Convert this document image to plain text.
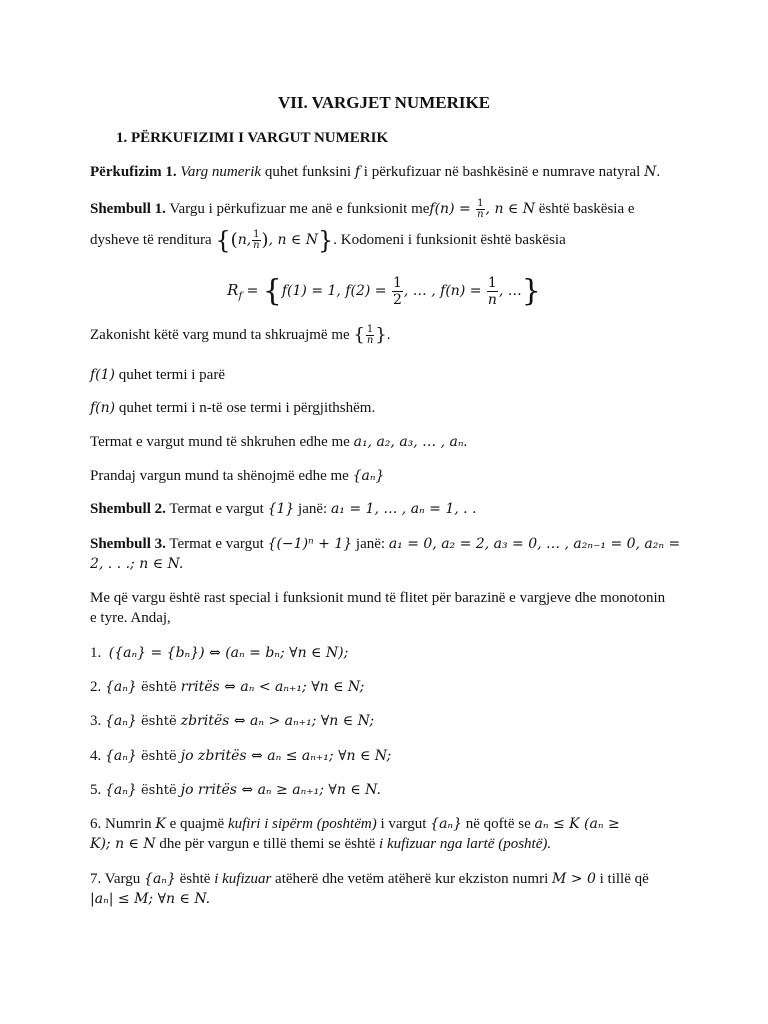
VII. VARGJET NUMERIKE
1. PËRKUFIZIMI I VARGUT NUMERIK
Përkufizim 1. Varg numerik quhet funksini f i përkufizuar në bashkësinë e numrave natyral N.
Shembull 1. Vargu i përkufizuar me anë e funksionit $mef(n) = \frac{1}{n}$ , n ∈ N është baskësia e
dysheve të renditura {(n, $\frac{1}{n}$ ), n ∈ N}. Kodomeni i funksionit është baskësia
$R_f = \{f(1) = 1$, $f(2) = \frac{1}{2}$ , … , $f(n) = \frac{1}{n}$ , …}
Zakonisht këtë varg mund ta shkruajmë me { $\frac{1}{n}$ }.
f(1) quhet termi i parë
f(n) quhet termi i n-të ose termi i përgjithshëm.
Termat e vargut mund të shkruhen edhe me a₁, a₂, a₃, … , aₙ.
Prandaj vargun mund ta shënojmë edhe me {aₙ}
Shembull 2. Termat e vargut {1} janë: a₁ = 1, … , aₙ = 1, . .
Shembull 3. Termat e vargut {(−1)ⁿ + 1} janë: a₁ = 0, a₂ = 2, a₃ = 0, … , a₂ₙ₋₁ = 0, a₂ₙ =
2, . . .; n ∈ N.
Me që vargu është rast special i funksionit mund të flitet për barazinë e vargjeve dhe monotonin
e tyre. Andaj,
1. ({aₙ} = {bₙ}) ⇔ (aₙ = bₙ; ∀n ∈ N);
2. {aₙ} është rritës ⇔ aₙ < aₙ₊₁; ∀n ∈ N;
3. {aₙ} është zbritës ⇔ aₙ > aₙ₊₁; ∀n ∈ N;
4. {aₙ} është jo zbritës ⇔ aₙ ≤ aₙ₊₁; ∀n ∈ N;
5. {aₙ} është jo rritës ⇔ aₙ ≥ aₙ₊₁; ∀n ∈ N.
6. Numrin K e quajmë kufiri i sipërm (poshtëm) i vargut {aₙ} në qoftë se aₙ ≤ K (aₙ ≥
K); n ∈ N dhe për vargun e tillë themi se është i kufizuar nga lartë (poshtë).
7. Vargu {aₙ} është i kufizuar atëherë dhe vetëm atëherë kur ekziston numri M > 0 i tillë që
|aₙ| ≤ M; ∀n ∈ N.
